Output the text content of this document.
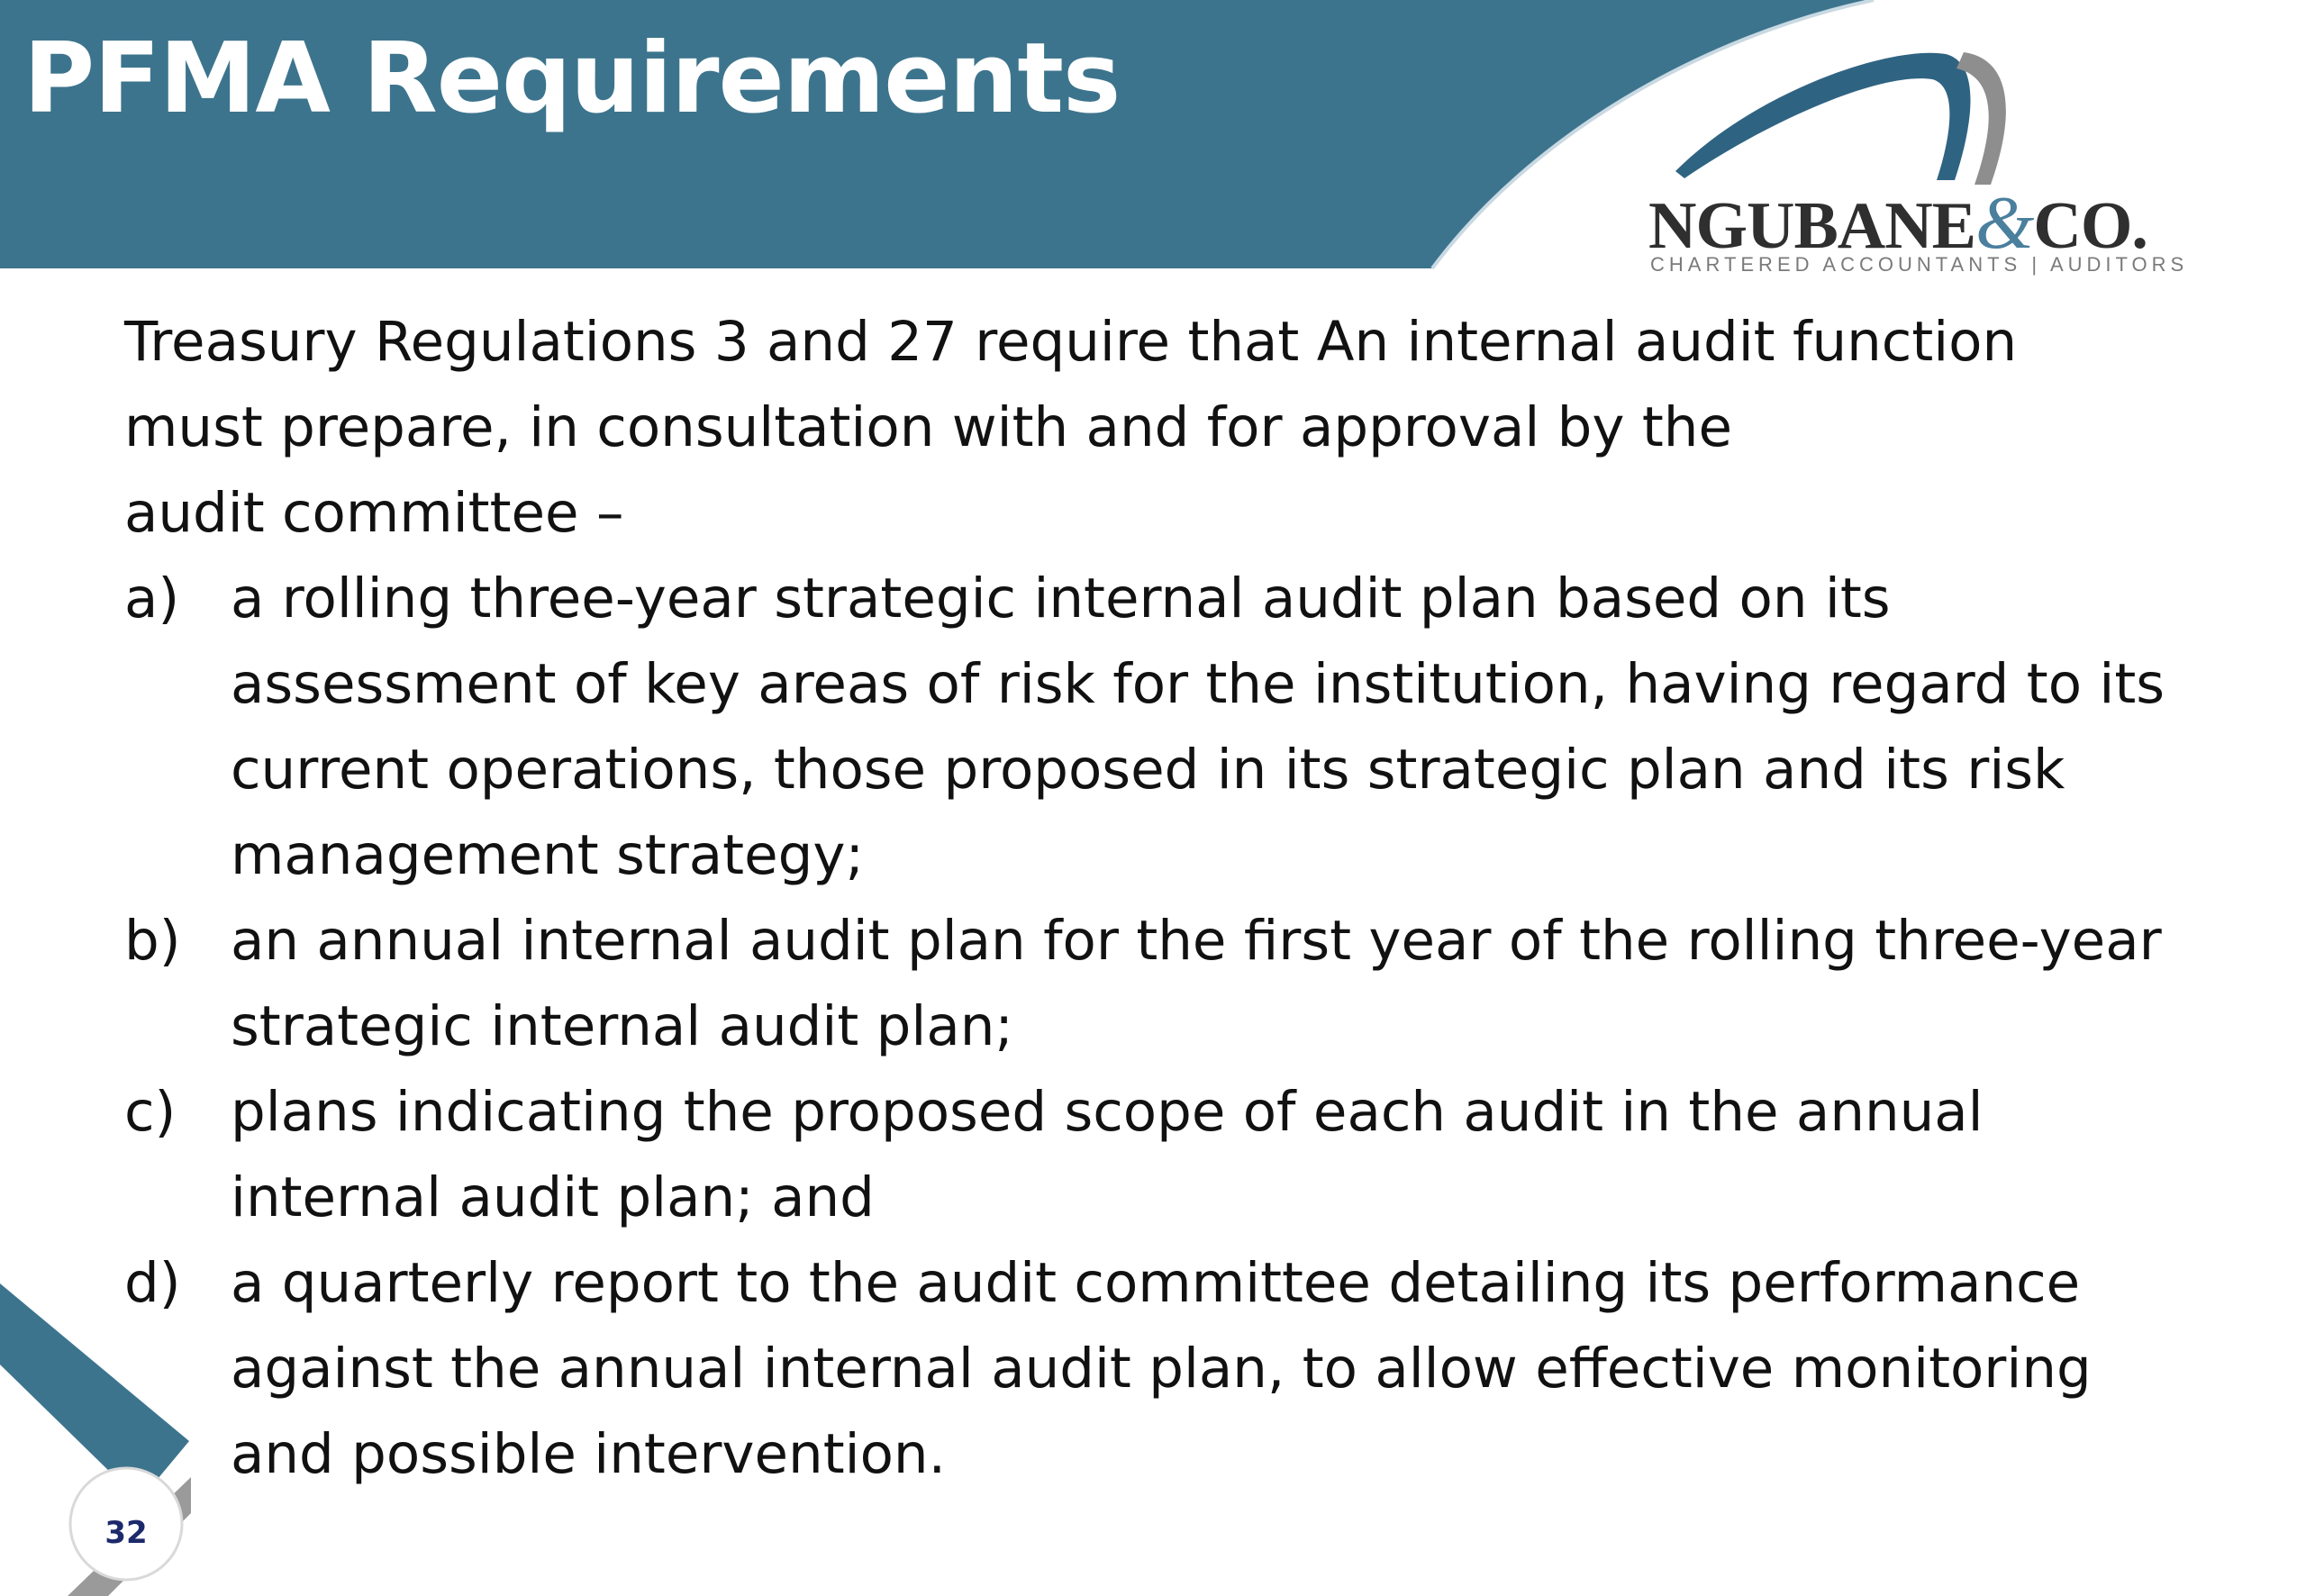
PFMA Requirements
NGUBANE&CO.
CHARTERED ACCOUNTANTS | AUDITORS

Treasury Regulations 3 and 27 require that An internal audit function
must prepare, in consultation with and for approval by the
audit committee –

a) a rolling three-year strategic internal audit plan based on its assessment of key areas of risk for the institution, having regard to its current operations, those proposed in its strategic plan and its risk management strategy;
b) an annual internal audit plan for the first year of the rolling three-year strategic internal audit plan;
c) plans indicating the proposed scope of each audit in the annual internal audit plan; and
d) a quarterly report to the audit committee detailing its performance against the annual internal audit plan, to allow effective monitoring and possible intervention.
32
